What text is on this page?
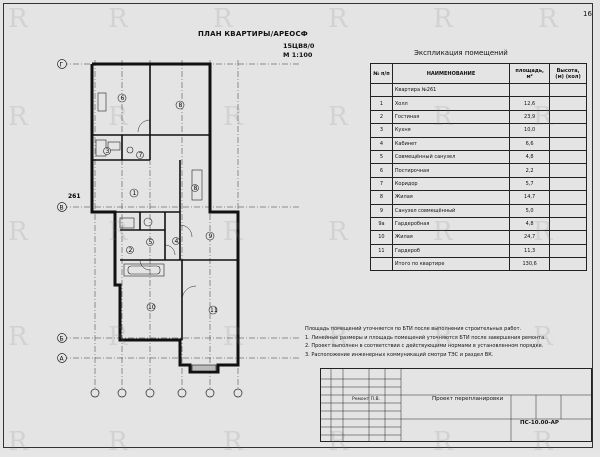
16
ПЛАН КВАРТИРЫ/АРЕОСФ
15ЦВ8/0
М 1:100
Г
В
Б
А
6
8
3
7
1
8
5	4
9
10	11
2
261
Экспликация помещений
№ п/п	НАИМЕНОВАНИЕ	площадь, м²	Высота, (м) (кол)
	Квартира №261		
1	Холл	12,6	
2	Гостиная	23,9	
3	Кухня	10,0	
4	Кабинет	6,6	
5	Совмещённый санузел	4,8	
6	Постирочная	2,2	
7	Коридор	5,7	
8	Жилая	14,7	
9	Санузел совмещённый	5,0	
9а	Гардеробная	4,8	
10	Жилая	24,7	
11	Гардероб	11,3	
	Итого по квартире	130,6	
Площадь помещений уточняется по БТИ после выполнения строительных работ.
1. Линейные размеры и площадь помещений уточняются БТИ после завершения ремонта.
2. Проект выполнен в соответствии с действующими нормами в установленном порядке.
3. Расположение инженерных коммуникаций смотри ТЭС и раздел ВК.
Ремонт П.В.	Проект перепланировки
ПС-10.00-АР
R	R	R	R	R	R
R	R	R	R	R	R
R	R	R	R	R	R
R	R	R	R	R	R
R	R	R	R	R	R
